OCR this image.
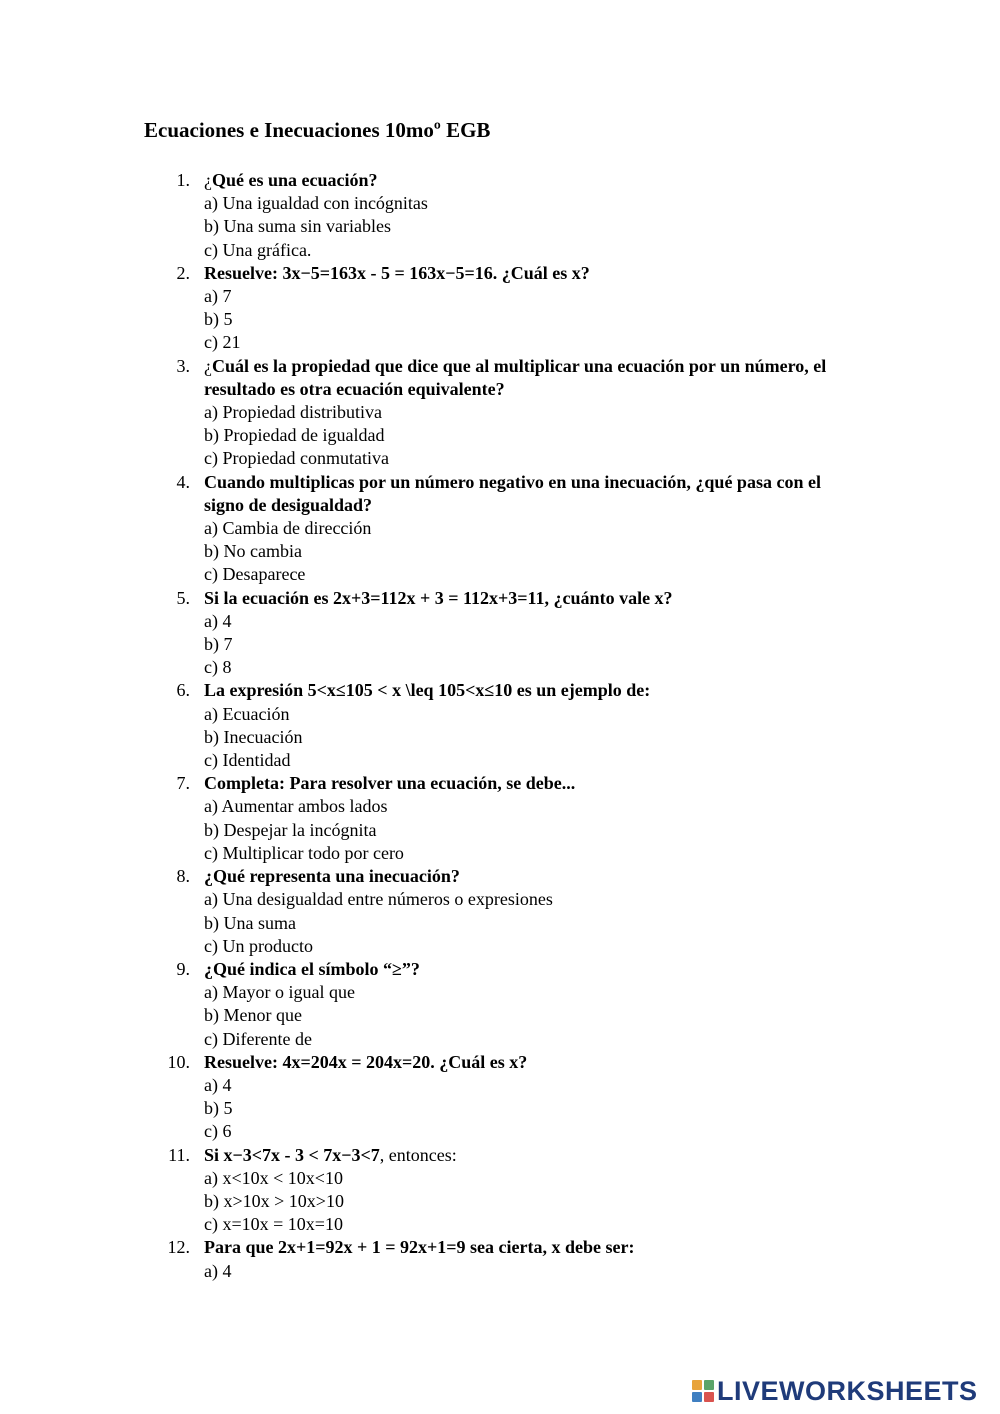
Ecuaciones e Inecuaciones 10moº EGB
1. ¿Qué es una ecuación?
a) Una igualdad con incógnitas
b) Una suma sin variables
c) Una gráfica.
2. Resuelve: 3x−5=163x - 5 = 163x−5=16. ¿Cuál es x?
a) 7
b) 5
c) 21
3. ¿Cuál es la propiedad que dice que al multiplicar una ecuación por un número, el resultado es otra ecuación equivalente?
a) Propiedad distributiva
b) Propiedad de igualdad
c) Propiedad conmutativa
4. Cuando multiplicas por un número negativo en una inecuación, ¿qué pasa con el signo de desigualdad?
a) Cambia de dirección
b) No cambia
c) Desaparece
5. Si la ecuación es 2x+3=112x + 3 = 112x+3=11, ¿cuánto vale x?
a) 4
b) 7
c) 8
6. La expresión 5<x≤105 < x \leq 105<x≤10 es un ejemplo de:
a) Ecuación
b) Inecuación
c) Identidad
7. Completa: Para resolver una ecuación, se debe...
a) Aumentar ambos lados
b) Despejar la incógnita
c) Multiplicar todo por cero
8. ¿Qué representa una inecuación?
a) Una desigualdad entre números o expresiones
b) Una suma
c) Un producto
9. ¿Qué indica el símbolo “≥”?
a) Mayor o igual que
b) Menor que
c) Diferente de
10. Resuelve: 4x=204x = 204x=20. ¿Cuál es x?
a) 4
b) 5
c) 6
11. Si x−3<7x - 3 < 7x−3<7, entonces:
a) x<10x < 10x<10
b) x>10x > 10x>10
c) x=10x = 10x=10
12. Para que 2x+1=92x + 1 = 92x+1=9 sea cierta, x debe ser:
a) 4
LIVEWORKSHEETS
